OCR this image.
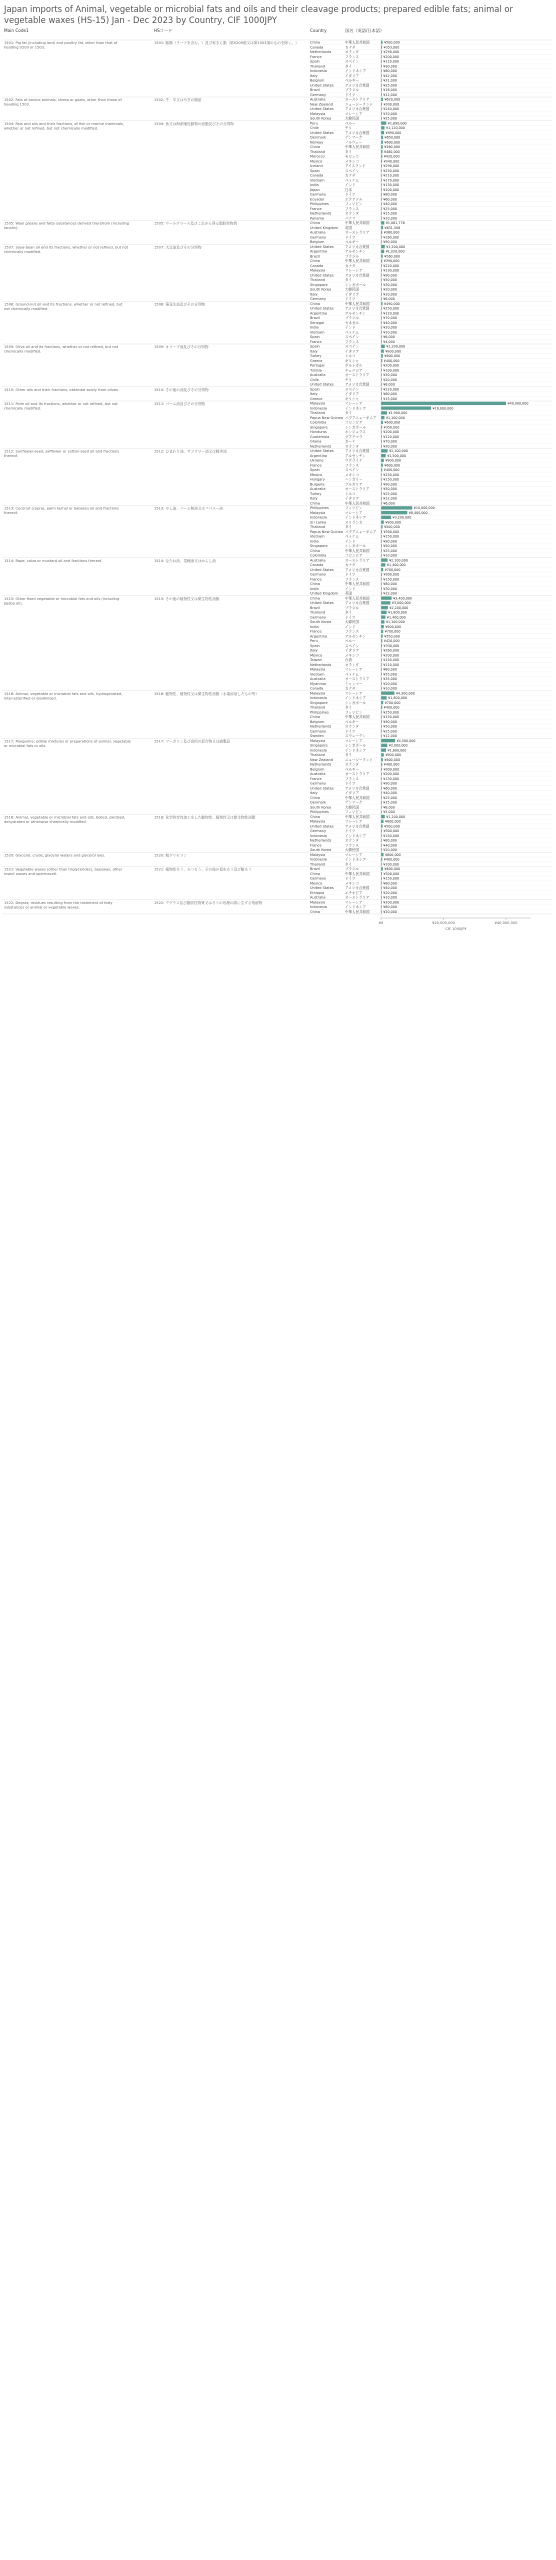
Japan imports of Animal, vegetable or microbial fats and oils and their cleavage products; prepared edible fats; animal or vegetable waxes (HS-15) Jan - Dec 2023 by Country, CIF 1000JPY
Main Code1	HSコード	Country	国名（英語/日本語）
1501: Pig fat (including lard) and poultry fat, other than that of
heading 0209 or 1503.
1501: 豚脂（ラードを含む。）及び家きん脂（第0209項又は第1503項のものを除く。）	China	中華人民共和国	¥500,000
Canada	カナダ	¥353,000
Netherlands	オランダ	¥290,000
France	フランス	¥200,000
Spain	スペイン	¥110,000
Thailand	タイ	¥90,000
Indonesia	インドネシア	¥60,000
Italy	イタリア	¥42,000
Belgium	ベルギー	¥31,000
United States	アメリカ合衆国	¥25,000
Brazil	ブラジル	¥18,000
Germany	ドイツ	¥12,000
1502: Fats of bovine animals, sheep or goats, other than those of
heading 1503.
1502: 牛、羊又はやぎの脂肪	Australia	オーストラリア	¥620,000
New Zealand	ニュージーランド	¥300,000
United States	アメリカ合衆国	¥140,000
Malaysia	マレーシア	¥70,000
South Korea	大韓民国	¥25,000
1504: Fats and oils and their fractions, of fish or marine mammals,
whether or not refined, but not chemically modified.
1504: 魚又は海産哺乳動物の油脂及びその分別物	Peru	ペルー	¥1,690,000
Chile	チリ	¥1,120,000
United States	アメリカ合衆国	¥990,000
Denmark	デンマーク	¥650,000
Norway	ノルウェー	¥600,000
China	中華人民共和国	¥560,000
Thailand	タイ	¥480,000
Morocco	モロッコ	¥420,000
Mexico	メキシコ	¥340,000
Iceland	アイスランド	¥290,000
Spain	スペイン	¥250,000
Canada	カナダ	¥210,000
Vietnam	ベトナム	¥170,000
India	インド	¥130,000
Japan	日本	¥100,000
Germany	ドイツ	¥80,000
Ecuador	エクアドル	¥60,000
Philippines	フィリピン	¥40,000
France	フランス	¥25,000
Netherlands	オランダ	¥15,000
Panama	パナマ	¥10,000
1505: Wool grease and fatty substances derived therefrom (including
lanolin).
1505: ウールグリース及びこれから得る脂肪性物質	China	中華人民共和国	¥1,061,776
United Kingdom 英国	¥631,508
Australia	オーストラリア	¥380,000
Germany	ドイツ	¥160,000
Belgium	ベルギー	¥90,000
1507: Soya-bean oil and its fractions, whether or not refined, but not
chemically modified.
1507: 大豆油及びその分別物	United States	アメリカ合衆国	¥1,200,000
Argentina	アルゼンチン	¥1,020,000
Brazil	ブラジル	¥560,000
China	中華人民共和国	¥390,000
Canada	カナダ	¥220,000
Malaysia	マレーシア	¥130,000
United States	アメリカ合衆国	¥90,000
Thailand	タイ	¥50,000
Singapore	シンガポール	¥30,000
South Korea	大韓民国	¥20,000
Italy	イタリア	¥10,000
Germany	ドイツ	¥6,000
1508: Ground-nut oil and its fractions, whether or not refined, but
not chemically modified.
1508: 落花生油及びその分別物	China	中華人民共和国	¥490,000
United States	アメリカ合衆国	¥250,000
Argentina	アルゼンチン	¥120,000
Brazil	ブラジル	¥70,000
Senegal	セネガル	¥40,000
India	インド	¥20,000
Vietnam	ベトナム	¥10,000
Spain	スペイン	¥6,000
France	フランス	¥4,000
1509: Olive oil and its fractions, whether or not refined, but not
chemically modified.
1509: オリーブ油及びその分別物	Spain	スペイン	¥1,200,000
Italy	イタリア	¥900,000
Turkey	トルコ	¥600,000
Greece	ギリシャ	¥400,000
Portugal	ポルトガル	¥200,000
Tunisia	チュニジア	¥100,000
Australia	オーストラリア	¥50,000
Chile	チリ	¥20,000
United States	アメリカ合衆国	¥8,000
1510: Other oils and their fractions, obtained solely from olives.	1510: その他の油及びその分別物	Spain	スペイン	¥220,000
Italy	イタリア	¥60,000
Greece	ギリシャ	¥15,000
1511: Palm oil and its fractions, whether or not refined, but not
chemically modified.
1511: パーム油及びその分別物	Malaysia	マレーシア	¥40,000,000
Indonesia	インドネシア	¥16,000,000
Thailand	タイ	¥1,900,000
Papua New Guinea パプアニューギニア	¥1,100,000
Colombia	コロンビア	¥600,000
Singapore	シンガポール	¥350,000
Honduras	ホンジュラス	¥200,000
Guatemala	グアテマラ	¥120,000
Ghana	ガーナ	¥70,000
Netherlands	オランダ	¥30,000
1512: Sunflower-seed, safflower or cotton-seed oil and fractions
thereof.
1512: ひまわり油、サフラワー油又は綿実油	United States	アメリカ合衆国	¥2,100,000
Argentina	アルゼンチン	¥1,500,000
Ukraine	ウクライナ	¥900,000
France	フランス	¥600,000
Spain	スペイン	¥400,000
Mexico	メキシコ	¥250,000
Hungary	ハンガリー	¥150,000
Bulgaria	ブルガリア	¥90,000
Australia	オーストラリア	¥50,000
Turkey	トルコ	¥25,000
Italy	イタリア	¥12,000
China	中華人民共和国	¥6,000
1513: Coconut (copra), palm kernel or babassu oil and fractions
thereof.
1513: やし油、パーム核油又はババスー油	Philippines	フィリピン	¥10,000,000
Malaysia	マレーシア	¥8,400,000
Indonesia	インドネシア	¥3,200,000
Sri Lanka	スリランカ	¥900,000
Thailand	タイ	¥500,000
Papua New Guinea パプアニューギニア ¥300,000
Vietnam	ベトナム	¥150,000
India	インド	¥90,000
Singapore	シンガポール	¥50,000
China	中華人民共和国	¥25,000
Colombia	コロンビア	¥10,000
1514: Rape, colza or mustard oil and fractions thereof.	1514: なたね油、菜種油又はからし油	Australia	オーストラリア	¥2,100,000
Canada	カナダ	¥1,400,000
United States	アメリカ合衆国	¥700,000
Germany	ドイツ	¥300,000
France	フランス	¥150,000
China	中華人民共和国	¥80,000
India	インド	¥30,000
United Kingdom 英国	¥12,000
1515: Other fixed vegetable or microbial fats and oils (including
jojoba oil).
1515: その他の植物性又は微生物性油脂	China	中華人民共和国	¥3,400,000
United States	アメリカ合衆国	¥3,000,000
Brazil	ブラジル	¥2,200,000
Thailand	タイ	¥1,800,000
Germany	ドイツ	¥1,400,000
South Korea	大韓民国	¥1,100,000
India	インド	¥900,000
France	フランス	¥700,000
Argentina	アルゼンチン	¥550,000
Peru	ペルー	¥420,000
Spain	スペイン	¥330,000
Italy	イタリア	¥260,000
Mexico	メキシコ	¥200,000
Taiwan	台湾	¥150,000
Netherlands	オランダ	¥110,000
Malaysia	マレーシア	¥80,000
Vietnam	ベトナム	¥55,000
Australia	オーストラリア	¥35,000
Myanmar	ミャンマー	¥20,000
Canada	カナダ	¥10,000
1516: Animal, vegetable or microbial fats and oils, hydrogenated,
inter-esterified or elaidinised.
1516: 動物性、植物性又は微生物性油脂（水素添加したもの等）	Malaysia	マレーシア	¥4,300,000
Indonesia	インドネシア	¥1,800,000
Singapore	シンガポール	¥700,000
Thailand	タイ	¥400,000
Philippines	フィリピン	¥250,000
China	中華人民共和国	¥150,000
Belgium	ベルギー	¥90,000
Netherlands	オランダ	¥50,000
Germany	ドイツ	¥25,000
Sweden	スウェーデン	¥12,000
1517: Margarine; edible mixtures or preparations of animal, vegetable
or microbial fats or oils.
1517: マーガリン及び食用の混合物又は調製品	Malaysia	マレーシア	¥4,500,000
Singapore	シンガポール	¥2,000,000
Indonesia	インドネシア	¥1,600,000
Thailand	タイ	¥900,000
New Zealand	ニュージーランド	¥600,000
Netherlands	オランダ	¥400,000
Belgium	ベルギー	¥300,000
Australia	オーストラリア	¥200,000
France	フランス	¥130,000
Germany	ドイツ	¥90,000
United States	アメリカ合衆国	¥60,000
Italy	イタリア	¥40,000
China	中華人民共和国	¥25,000
Denmark	デンマーク	¥15,000
South Korea	大韓民国	¥8,000
Philippines	フィリピン	¥5,000
1518: Animal, vegetable or microbial fats and oils, boiled, oxidised,
dehydrated or otherwise chemically modified.
1518: 化学的変性加工をした動物性、植物性又は微生物性油脂	China	中華人民共和国	¥1,200,000
Malaysia	マレーシア	¥800,000
United States	アメリカ合衆国	¥500,000
Germany	ドイツ	¥300,000
Indonesia	インドネシア	¥150,000
Netherlands	オランダ	¥80,000
France	フランス	¥40,000
South Korea	大韓民国	¥20,000
1520: Glycerol, crude; glycerol waters and glycerol lyes.	1520: 粗グリセリン	Malaysia	マレーシア	¥800,000
Indonesia	インドネシア	¥400,000
Thailand	タイ	¥100,000
1521: Vegetable waxes (other than triglycerides), beeswax, other
insect waxes and spermaceti.
1521: 植物性ろう、みつろう、その他の昆虫ろう及び鯨ろう	Brazil	ブラジル	¥600,000
China	中華人民共和国	¥300,000
Germany	ドイツ	¥150,000
Mexico	メキシコ	¥80,000
United States	アメリカ合衆国	¥40,000
Ethiopia	エチオピア	¥20,000
Australia	オーストラリア	¥10,000
1522: Degras; residues resulting from the treatment of fatty
substances or animal or vegetable waxes.
1522: デグラス及び脂肪性物質又はろうの処理の際に生ずる残留物	Malaysia	マレーシア	¥200,000
Indonesia	インドネシア	¥80,000
China	中華人民共和国	¥20,000
¥0	¥20,000,000	¥40,000,000
CIF 1000JPY
